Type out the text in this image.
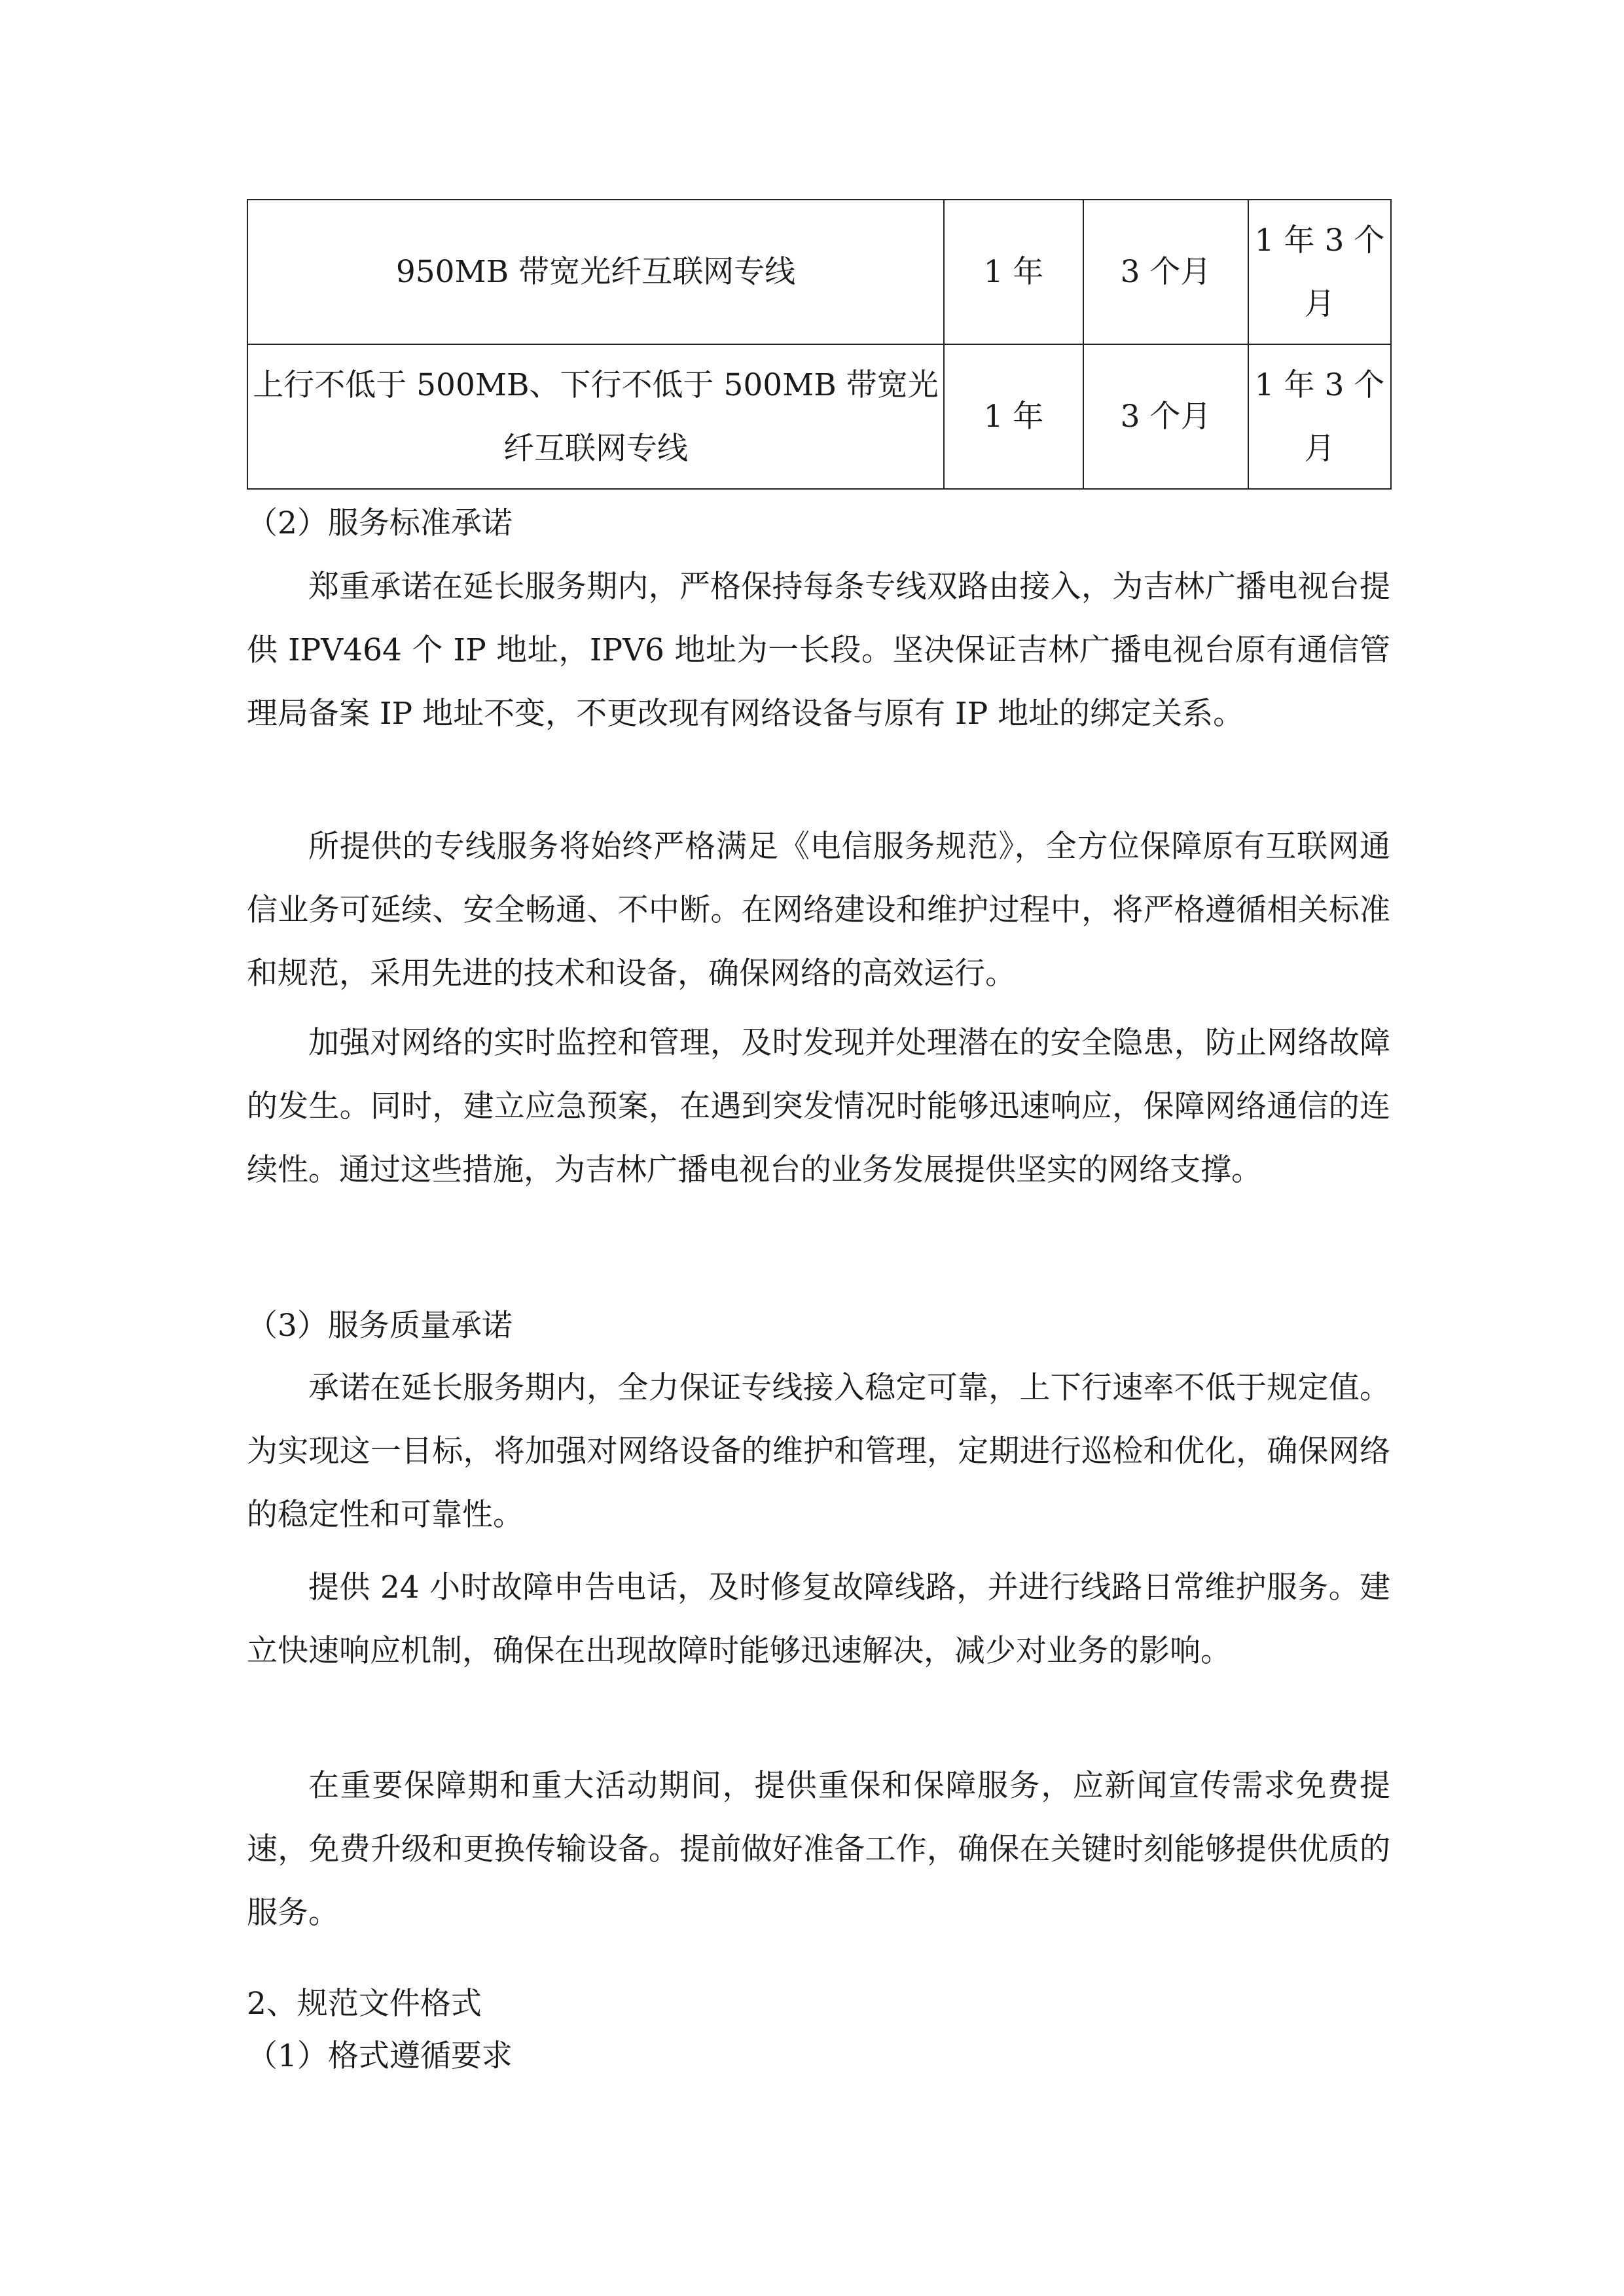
950MB 带宽光纤互联网专线	1 年	3 个月	1 年 3 个月
上行不低于 500MB、下行不低于 500MB 带宽光纤互联网专线	1 年	3 个月	1 年 3 个月
（2）服务标准承诺

郑重承诺在延长服务期内，严格保持每条专线双路由接入，为吉林广播电视台提供 IPV464 个 IP 地址，IPV6 地址为一长段。坚决保证吉林广播电视台原有通信管理局备案 IP 地址不变，不更改现有网络设备与原有 IP 地址的绑定关系。

所提供的专线服务将始终严格满足《电信服务规范》，全方位保障原有互联网通信业务可延续、安全畅通、不中断。在网络建设和维护过程中，将严格遵循相关标准和规范，采用先进的技术和设备，确保网络的高效运行。

加强对网络的实时监控和管理，及时发现并处理潜在的安全隐患，防止网络故障的发生。同时，建立应急预案，在遇到突发情况时能够迅速响应，保障网络通信的连续性。通过这些措施，为吉林广播电视台的业务发展提供坚实的网络支撑。

（3）服务质量承诺

承诺在延长服务期内，全力保证专线接入稳定可靠，上下行速率不低于规定值。为实现这一目标，将加强对网络设备的维护和管理，定期进行巡检和优化，确保网络的稳定性和可靠性。

提供 24 小时故障申告电话，及时修复故障线路，并进行线路日常维护服务。建立快速响应机制，确保在出现故障时能够迅速解决，减少对业务的影响。

在重要保障期和重大活动期间，提供重保和保障服务，应新闻宣传需求免费提速，免费升级和更换传输设备。提前做好准备工作，确保在关键时刻能够提供优质的服务。

2、规范文件格式
（1）格式遵循要求
